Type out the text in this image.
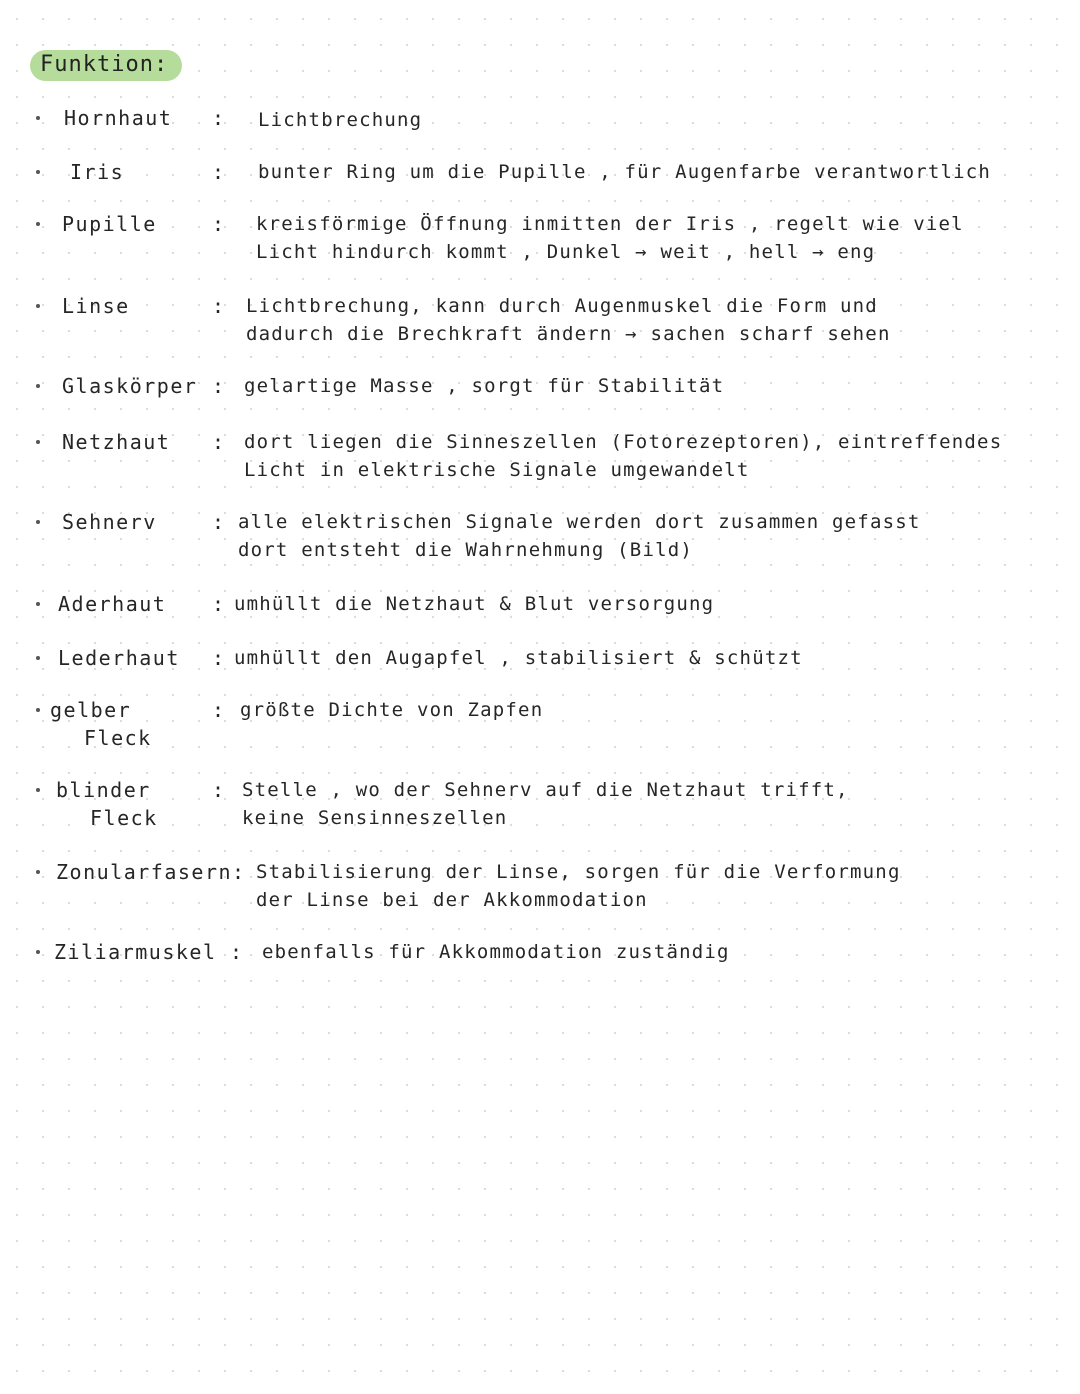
Funktion:
Hornhaut : Lichtbrechung
Iris	: bunter Ring um die Pupille , für Augenfarbe verantwortlich
Pupille	: kreisförmige Öffnung inmitten der Iris , regelt wie viel
Licht hindurch kommt , Dunkel → weit , hell → eng
Linse	: Lichtbrechung, kann durch Augenmuskel die Form und
dadurch die Brechkraft ändern → sachen scharf sehen
Glaskörper : gelartige Masse , sorgt für Stabilität
Netzhaut : dort liegen die Sinneszellen (Fotorezeptoren), eintreffendes
Licht in elektrische Signale umgewandelt
Sehnerv	: alle elektrischen Signale werden dort zusammen gefasst
dort entsteht die Wahrnehmung (Bild)
Aderhaut : umhüllt die Netzhaut & Blut versorgung
Lederhaut : umhüllt den Augapfel , stabilisiert & schützt
gelber
Fleck
: größte Dichte von Zapfen
blinder
Fleck
: Stelle , wo der Sehnerv auf die Netzhaut trifft,
keine Sensinneszellen
Zonularfasern: Stabilisierung der Linse, sorgen für die Verformung
der Linse bei der Akkommodation
Ziliarmuskel : ebenfalls für Akkommodation zuständig
